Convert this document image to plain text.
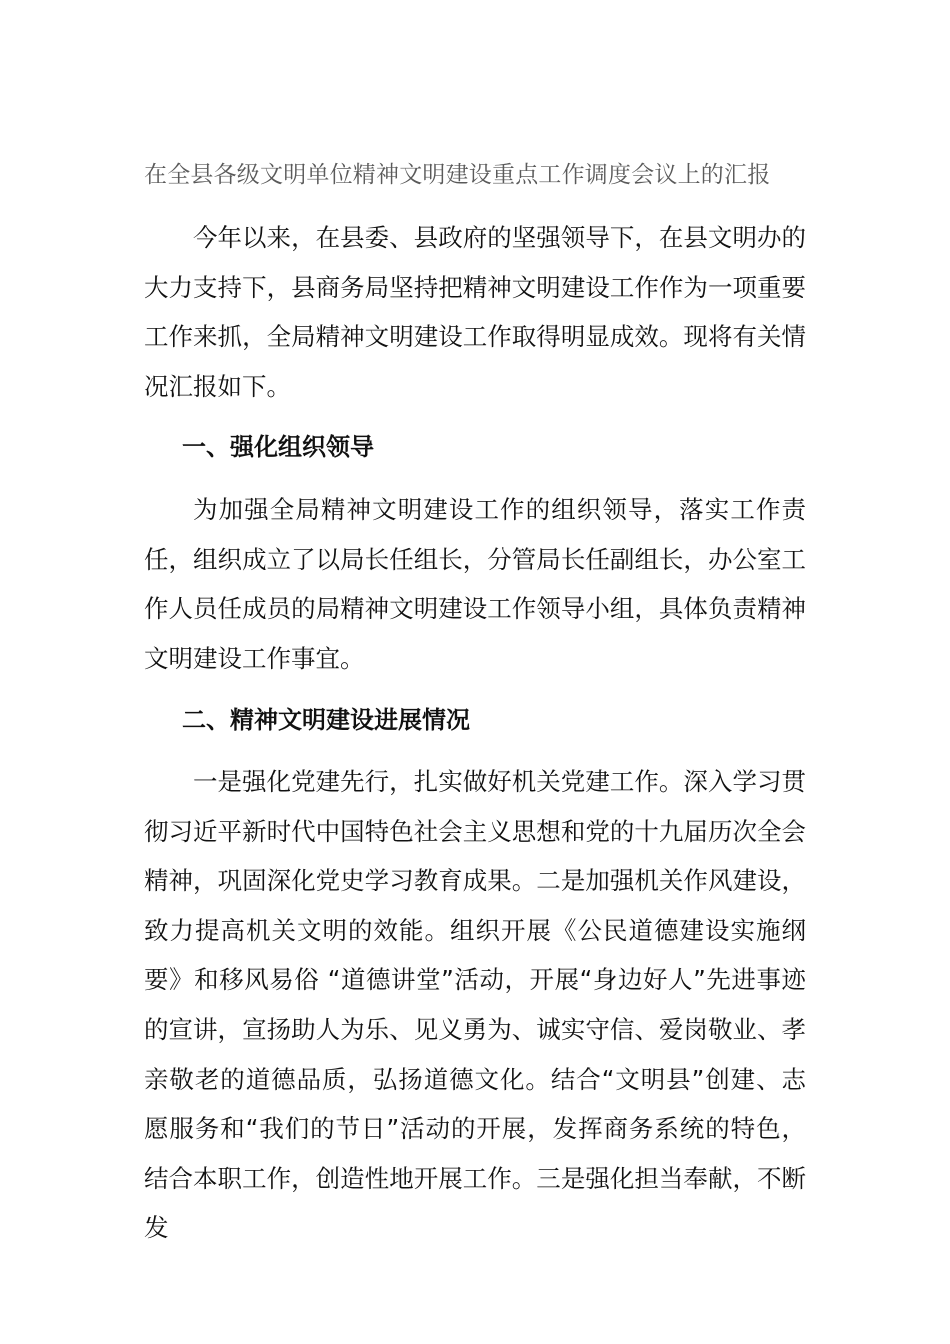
在全县各级文明单位精神文明建设重点工作调度会议上的汇报

今年以来，在县委、县政府的坚强领导下，在县文明办的大力支持下，县商务局坚持把精神文明建设工作作为一项重要工作来抓，全局精神文明建设工作取得明显成效。现将有关情况汇报如下。

一、强化组织领导

为加强全局精神文明建设工作的组织领导，落实工作责任，组织成立了以局长任组长，分管局长任副组长，办公室工作人员任成员的局精神文明建设工作领导小组，具体负责精神文明建设工作事宜。

二、精神文明建设进展情况

一是强化党建先行，扎实做好机关党建工作。深入学习贯彻习近平新时代中国特色社会主义思想和党的十九届历次全会精神，巩固深化党史学习教育成果。二是加强机关作风建设，致力提高机关文明的效能。组织开展《公民道德建设实施纲要》和移风易俗 “道德讲堂”活动，开展“身边好人”先进事迹的宣讲，宣扬助人为乐、见义勇为、诚实守信、爱岗敬业、孝亲敬老的道德品质，弘扬道德文化。结合“文明县”创建、志愿服务和“我们的节日”活动的开展，发挥商务系统的特色，结合本职工作，创造性地开展工作。三是强化担当奉献，不断发
